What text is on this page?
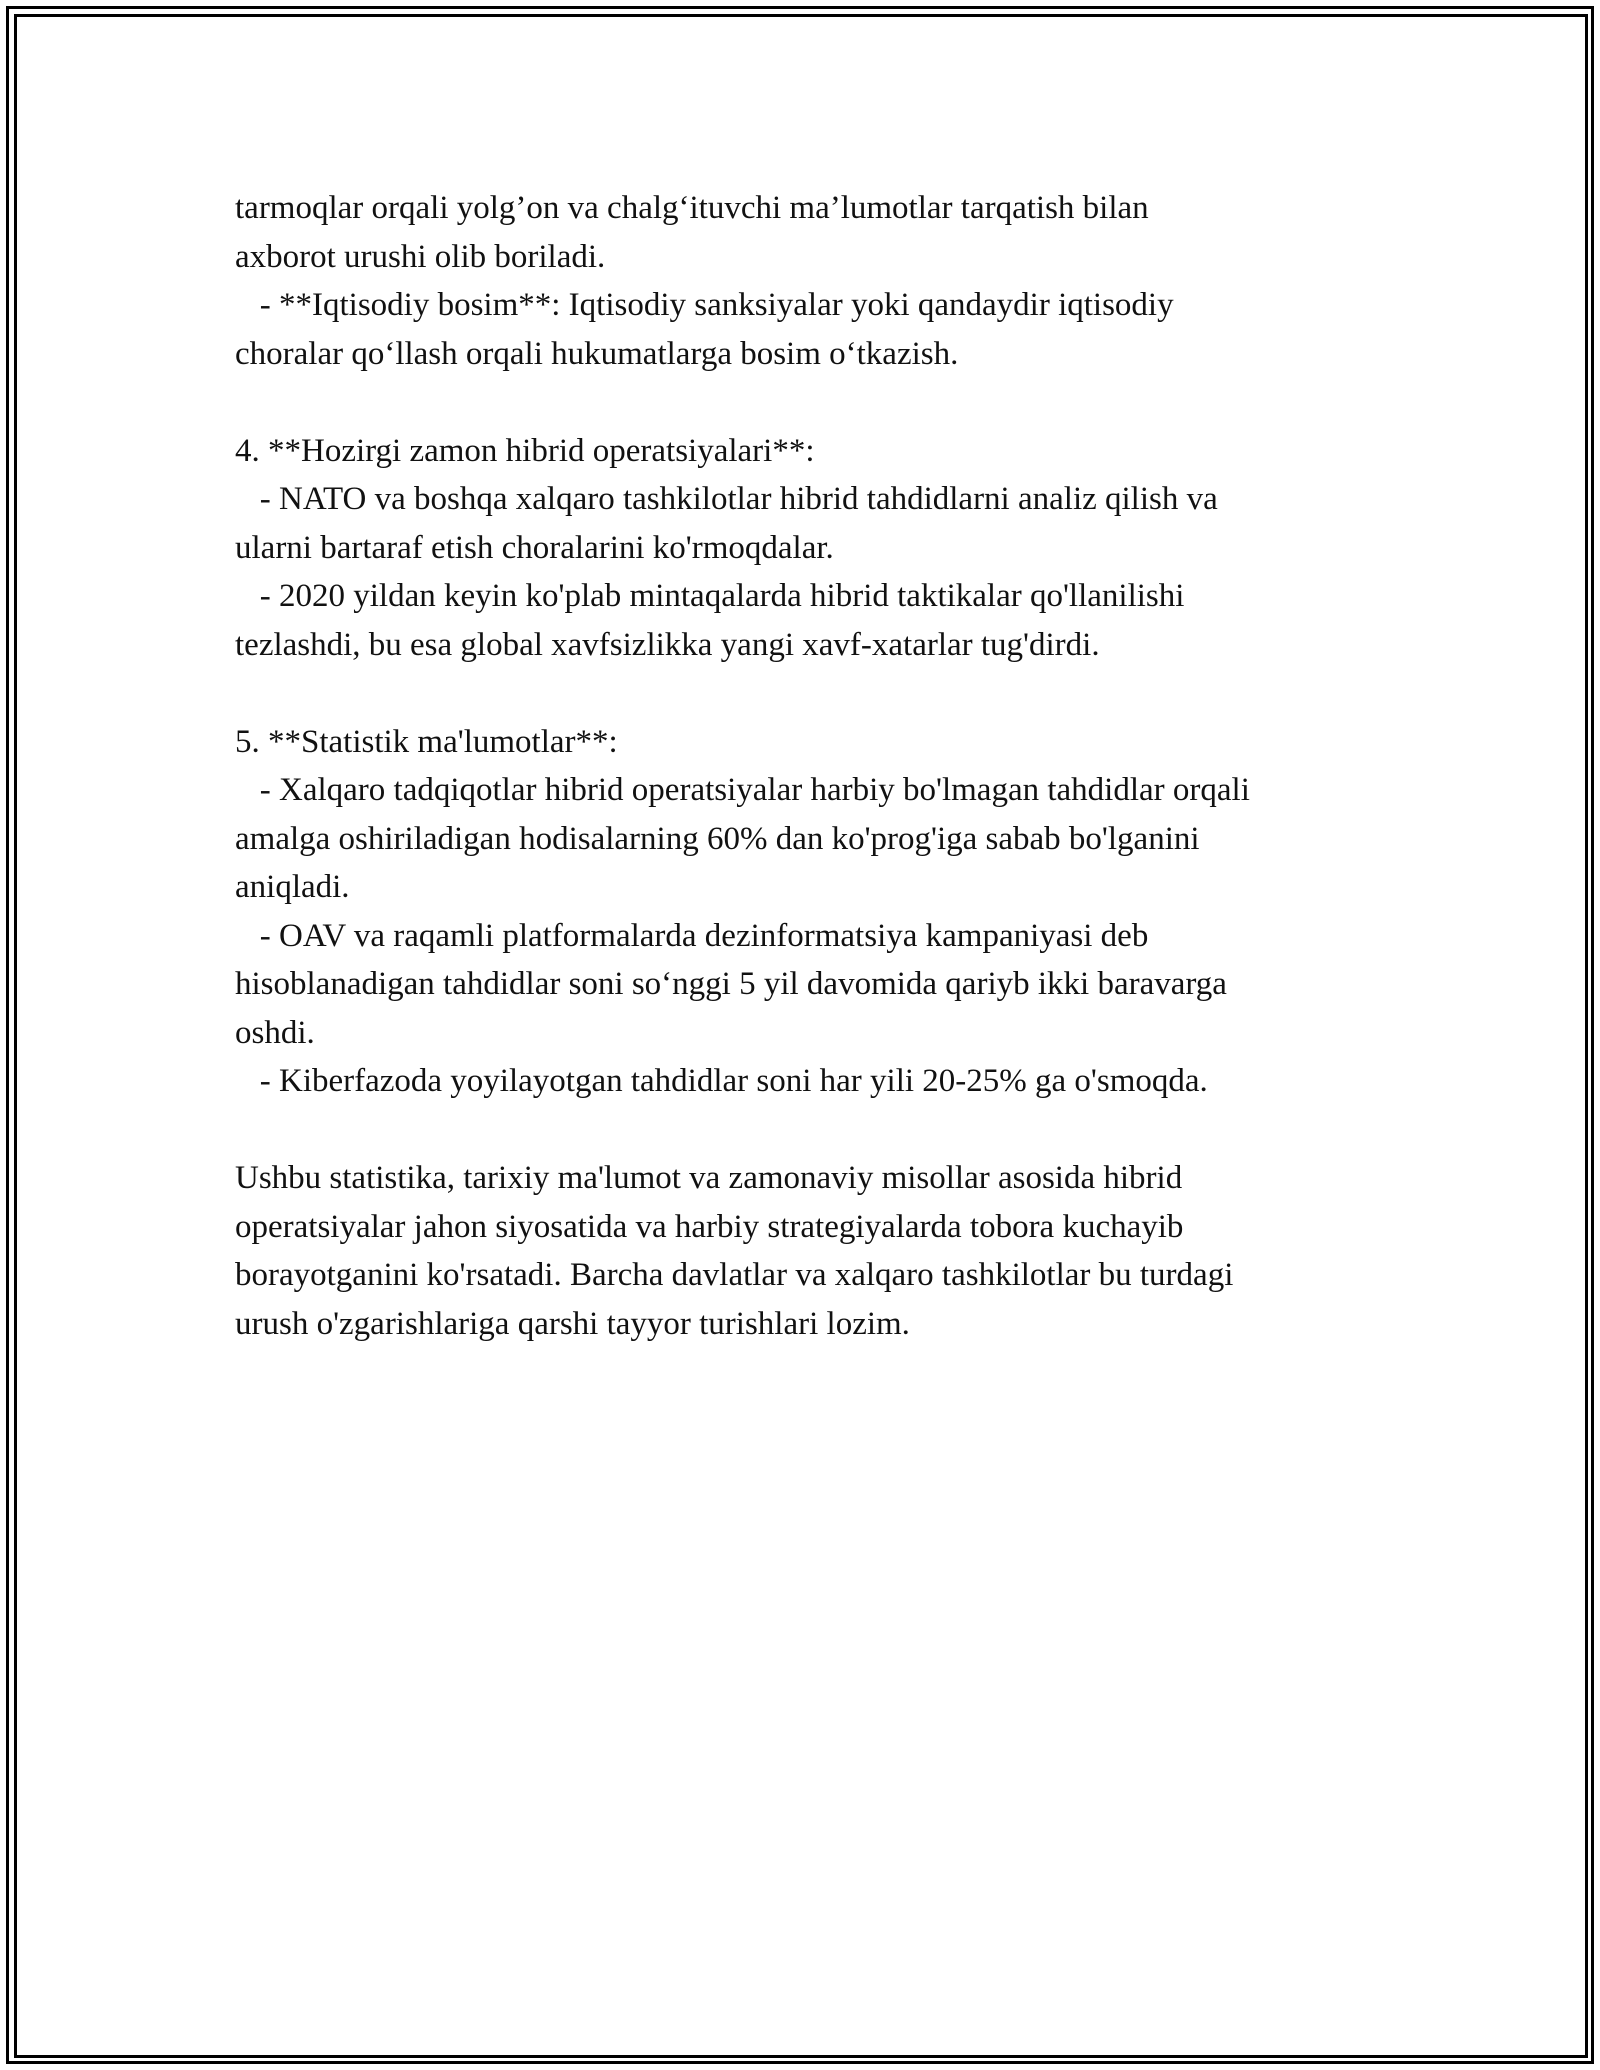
tarmoqlar orqali yolg’on va chalg‘ituvchi ma’lumotlar tarqatish bilan
axborot urushi olib boriladi.
- **Iqtisodiy bosim**: Iqtisodiy sanksiyalar yoki qandaydir iqtisodiy
choralar qo‘llash orqali hukumatlarga bosim o‘tkazish.
4. **Hozirgi zamon hibrid operatsiyalari**:
- NATO va boshqa xalqaro tashkilotlar hibrid tahdidlarni analiz qilish va
ularni bartaraf etish choralarini ko'rmoqdalar.
- 2020 yildan keyin ko'plab mintaqalarda hibrid taktikalar qo'llanilishi
tezlashdi, bu esa global xavfsizlikka yangi xavf-xatarlar tug'dirdi.
5. **Statistik ma'lumotlar**:
- Xalqaro tadqiqotlar hibrid operatsiyalar harbiy bo'lmagan tahdidlar orqali
amalga oshiriladigan hodisalarning 60% dan ko'prog'iga sabab bo'lganini
aniqladi.
- OAV va raqamli platformalarda dezinformatsiya kampaniyasi deb
hisoblanadigan tahdidlar soni so‘nggi 5 yil davomida qariyb ikki baravarga
oshdi.
- Kiberfazoda yoyilayotgan tahdidlar soni har yili 20-25% ga o'smoqda.
Ushbu statistika, tarixiy ma'lumot va zamonaviy misollar asosida hibrid
operatsiyalar jahon siyosatida va harbiy strategiyalarda tobora kuchayib
borayotganini ko'rsatadi. Barcha davlatlar va xalqaro tashkilotlar bu turdagi
urush o'zgarishlariga qarshi tayyor turishlari lozim.
